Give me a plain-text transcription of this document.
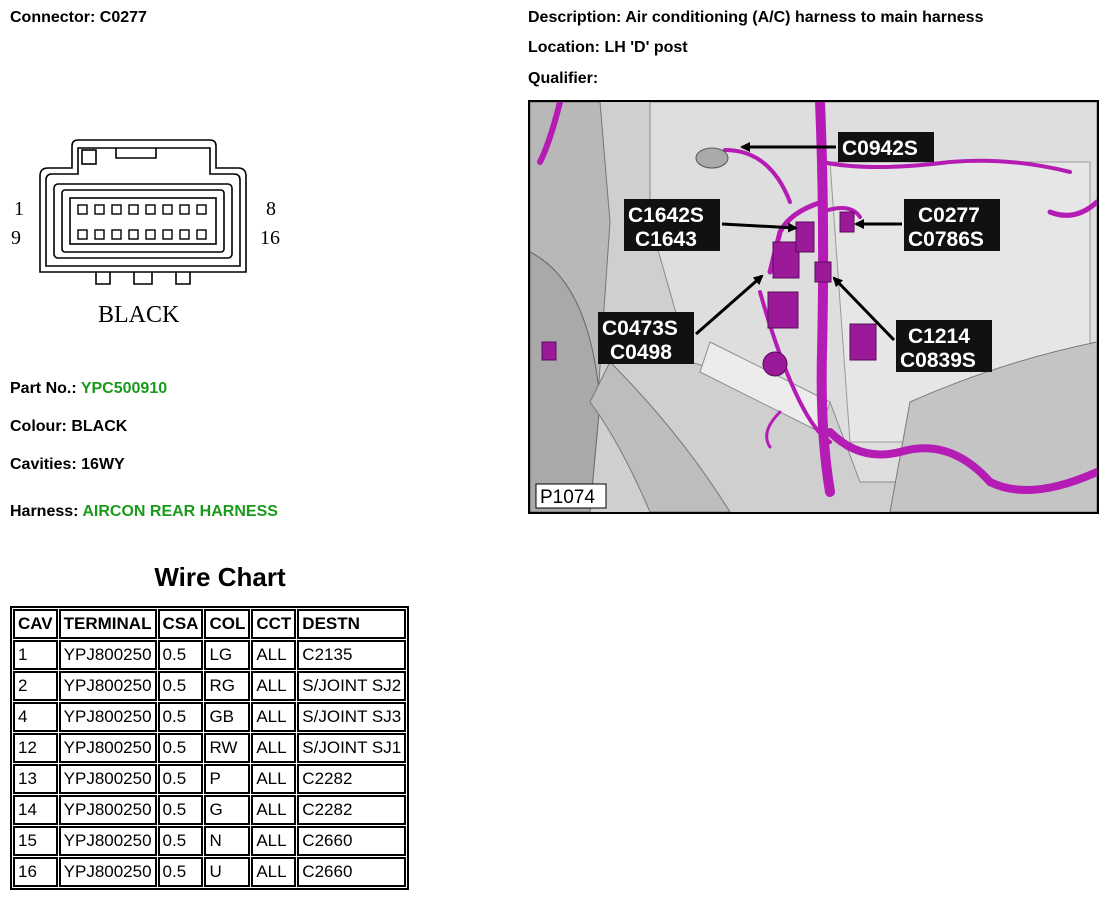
Connector: C0277	Description: Air conditioning (A/C) harness to main harness
Location: LH 'D' post
Qualifier:
1
9
8
16
BLACK
Part No.: YPC500910
Colour: BLACK
Cavities: 16WY
Harness: AIRCON REAR HARNESS
C0942S
C1642S
C1643
C0277
C0786S
C0473S
C0498
C1214
C0839S
P1074
Wire Chart
CAV	TERMINAL	CSA	COL	CCT	DESTN
1	YPJ800250	0.5	LG	ALL	C2135
2	YPJ800250	0.5	RG	ALL	S/JOINT SJ2
4	YPJ800250	0.5	GB	ALL	S/JOINT SJ3
12	YPJ800250	0.5	RW	ALL	S/JOINT SJ1
13	YPJ800250	0.5	P	ALL	C2282
14	YPJ800250	0.5	G	ALL	C2282
15	YPJ800250	0.5	N	ALL	C2660
16	YPJ800250	0.5	U	ALL	C2660
